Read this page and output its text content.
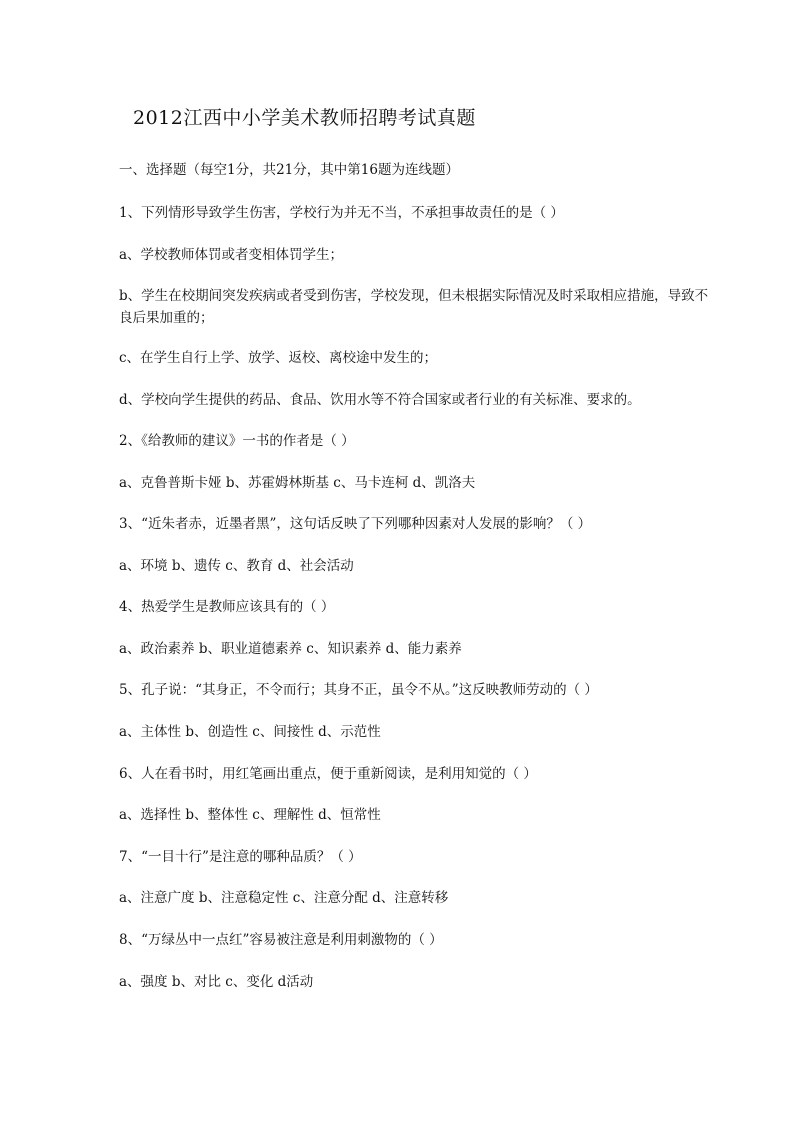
2012江西中小学美术教师招聘考试真题
一、选择题（每空1分，共21分，其中第16题为连线题）
1、下列情形导致学生伤害，学校行为并无不当，不承担事故责任的是（ ）
a、学校教师体罚或者变相体罚学生；
b、学生在校期间突发疾病或者受到伤害，学校发现，但未根据实际情况及时采取相应措施，导致不良后果加重的；
c、在学生自行上学、放学、返校、离校途中发生的；
d、学校向学生提供的药品、食品、饮用水等不符合国家或者行业的有关标准、要求的。
2、《给教师的建议》一书的作者是（ ）
a、克鲁普斯卡娅 b、苏霍姆林斯基 c、马卡连柯 d、凯洛夫
3、“近朱者赤，近墨者黑”，这句话反映了下列哪种因素对人发展的影响？（ ）
a、环境 b、遗传 c、教育 d、社会活动
4、热爱学生是教师应该具有的（ ）
a、政治素养 b、职业道德素养 c、知识素养 d、能力素养
5、孔子说：“其身正，不令而行；其身不正，虽令不从。”这反映教师劳动的（ ）
a、主体性 b、创造性 c、间接性 d、示范性
6、人在看书时，用红笔画出重点，便于重新阅读，是利用知觉的（ ）
a、选择性 b、整体性 c、理解性 d、恒常性
7、“一目十行”是注意的哪种品质？（ ）
a、注意广度 b、注意稳定性 c、注意分配 d、注意转移
8、“万绿丛中一点红”容易被注意是利用刺激物的（ ）
a、强度 b、对比 c、变化 d活动
